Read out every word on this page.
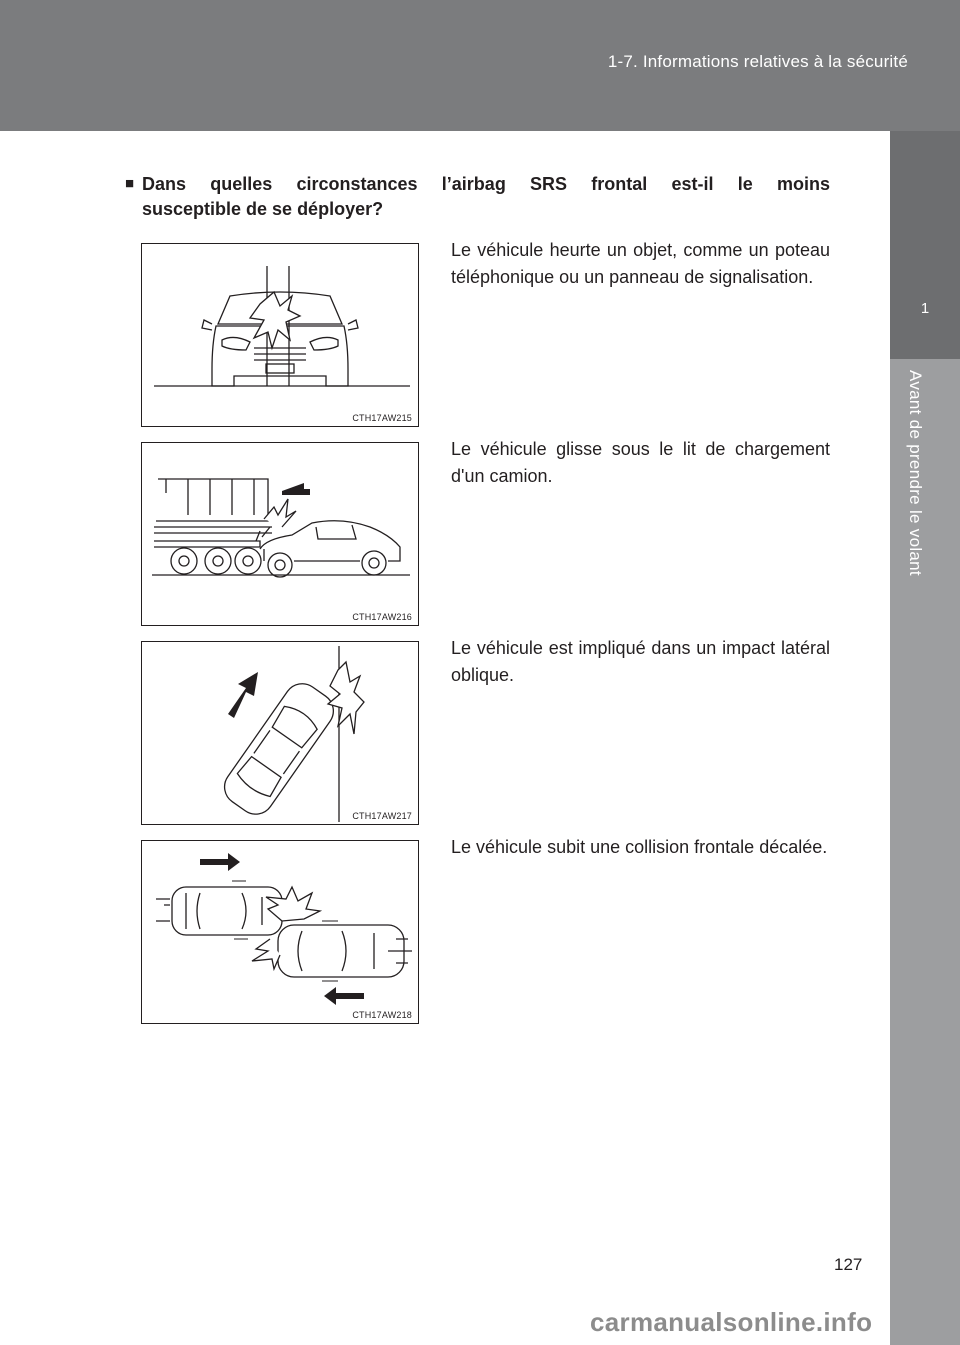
1-7. Informations relatives à la sécurité
1
Avant de prendre le volant
■ Dans quelles circonstances l’airbag SRS frontal est-il le moins
susceptible de se déployer?
CTH17AW215
Le véhicule heurte un objet, comme un poteau téléphonique ou un panneau de signalisation.
CTH17AW216
Le véhicule glisse sous le lit de chargement d'un camion.
CTH17AW217
Le véhicule est impliqué dans un impact latéral oblique.
CTH17AW218
Le véhicule subit une collision frontale décalée.
127
carmanualsonline.info
